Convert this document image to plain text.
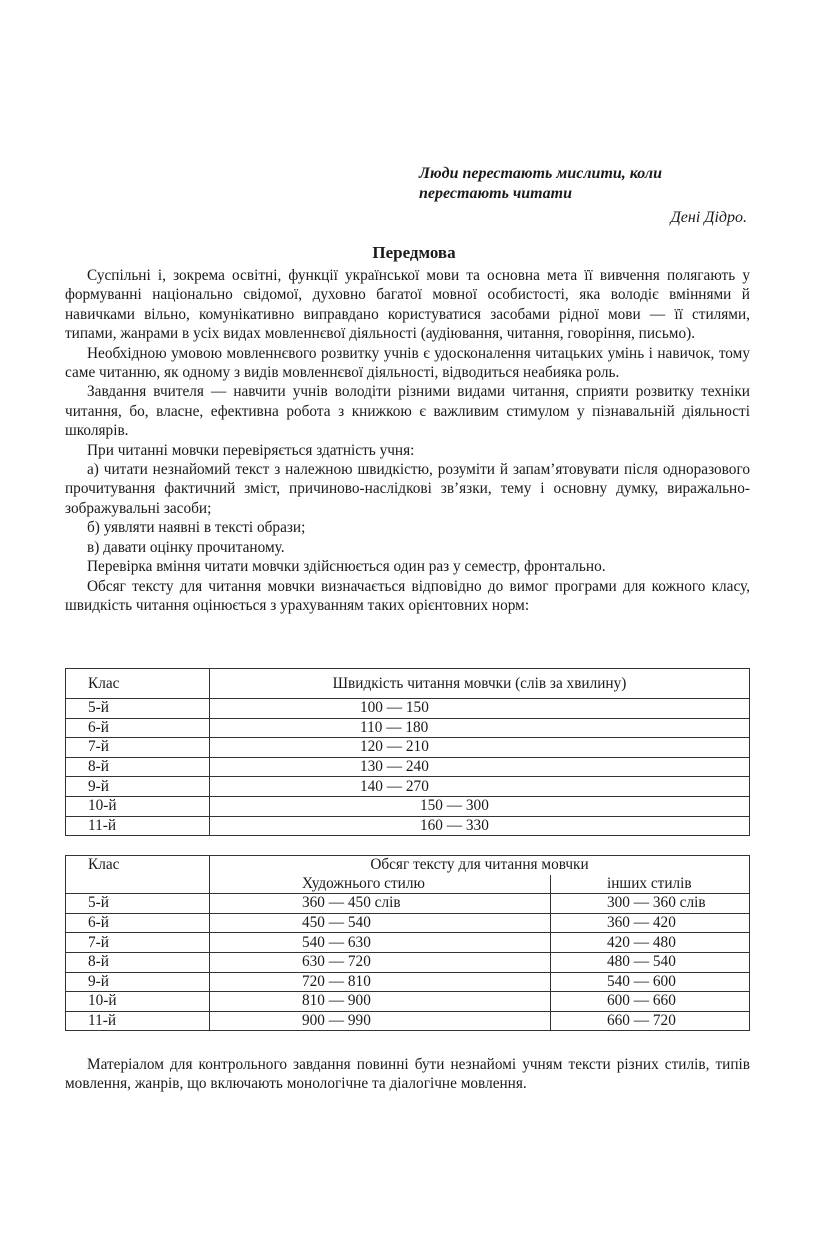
Люди перестають мислити, коли
перестають читати

Дені Дідро.

Передмова

Суспільні і, зокрема освітні, функції української мови та основна мета її вивчення полягають у формуванні національно свідомої, духовно багатої мовної особистості, яка володіє вміннями й навичками вільно, комунікативно виправдано користуватися засобами рідної мови — її стилями, типами, жанрами в усіх видах мовленнєвої діяльності (аудіювання, читання, говоріння, письмо).

Необхідною умовою мовленнєвого розвитку учнів є удосконалення читацьких умінь і навичок, тому саме читанню, як одному з видів мовленнєвої діяльності, відводиться неабияка роль.

Завдання вчителя — навчити учнів володіти різними видами читання, сприяти розвитку техніки читання, бо, власне, ефективна робота з книжкою є важливим стимулом у пізнавальній діяльності школярів.

При читанні мовчки перевіряється здатність учня:

а) читати незнайомий текст з належною швидкістю, розуміти й запам’ятовувати після одноразового прочитування фактичний зміст, причиново-наслідкові зв’язки, тему і основну думку, виражально-зображувальні засоби;

б) уявляти наявні в тексті образи;

в) давати оцінку прочитаному.

Перевірка вміння читати мовчки здійснюється один раз у семестр, фронтально.

Обсяг тексту для читання мовчки визначається відповідно до вимог програми для кожного класу, швидкість читання оцінюється з урахуванням таких орієнтовних норм:

Клас	Швидкість читання мовчки (слів за хвилину)
5-й	100 — 150
6-й	110 — 180
7-й	120 — 210
8-й	130 — 240
9-й	140 — 270
10-й	150 — 300
11-й	160 — 330
Клас	Обсяг тексту для читання мовчки	
	Художнього стилю	інших стилів
5-й	360 — 450 слів	300 — 360 слів
6-й	450 — 540	360 — 420
7-й	540 — 630	420 — 480
8-й	630 — 720	480 — 540
9-й	720 — 810	540 — 600
10-й	810 — 900	600 — 660
11-й	900 — 990	660 — 720

Матеріалом для контрольного завдання повинні бути незнайомі учням тексти різних стилів, типів мовлення, жанрів, що включають монологічне та діалогічне мовлення.
